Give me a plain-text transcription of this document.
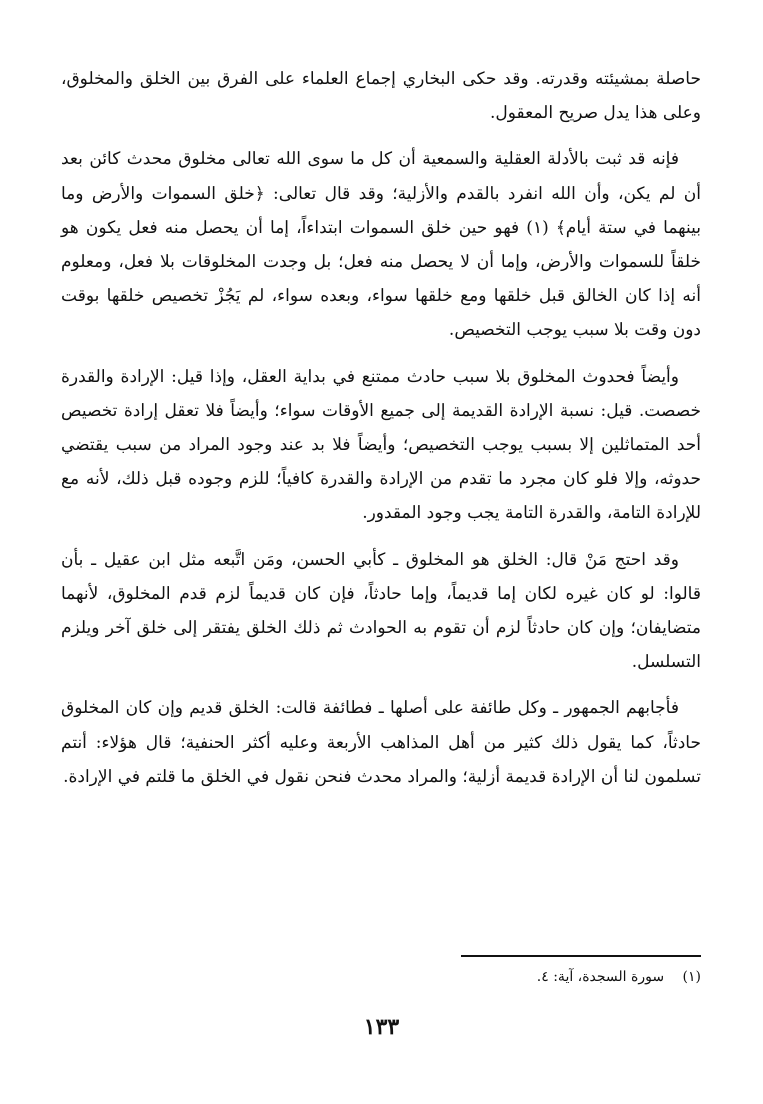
حاصلة بمشيئته وقدرته. وقد حكى البخاري إجماع العلماء على الفرق بين الخلق والمخلوق، وعلى هذا يدل صريح المعقول.

فإنه قد ثبت بالأدلة العقلية والسمعية أن كل ما سوى الله تعالى مخلوق محدث كائن بعد أن لم يكن، وأن الله انفرد بالقدم والأزلية؛ وقد قال تعالى: ﴿خلق السموات والأرض وما بينهما في ستة أيام﴾ (١) فهو حين خلق السموات ابتداءاً، إما أن يحصل منه فعل يكون هو خلقاً للسموات والأرض، وإما أن لا يحصل منه فعل؛ بل وجدت المخلوقات بلا فعل، ومعلوم أنه إذا كان الخالق قبل خلقها ومع خلقها سواء، وبعده سواء، لم يَجُزْ تخصيص خلقها بوقت دون وقت بلا سبب يوجب التخصيص.

وأيضاً فحدوث المخلوق بلا سبب حادث ممتنع في بداية العقل، وإذا قيل: الإرادة والقدرة خصصت. قيل: نسبة الإرادة القديمة إلى جميع الأوقات سواء؛ وأيضاً فلا تعقل إرادة تخصيص أحد المتماثلين إلا بسبب يوجب التخصيص؛ وأيضاً فلا بد عند وجود المراد من سبب يقتضي حدوثه، وإلا فلو كان مجرد ما تقدم من الإرادة والقدرة كافياً؛ للزم وجوده قبل ذلك، لأنه مع للإرادة التامة، والقدرة التامة يجب وجود المقدور.

وقد احتج مَنْ قال: الخلق هو المخلوق ـ كأبي الحسن، ومَن اتَّبعه مثل ابن عقيل ـ بأن قالوا: لو كان غيره لكان إما قديماً، وإما حادثاً، فإن كان قديماً لزم قدم المخلوق، لأنهما متضايفان؛ وإن كان حادثاً لزم أن تقوم به الحوادث ثم ذلك الخلق يفتقر إلى خلق آخر ويلزم التسلسل.

فأجابهم الجمهور ـ وكل طائفة على أصلها ـ فطائفة قالت: الخلق قديم وإن كان المخلوق حادثاً، كما يقول ذلك كثير من أهل المذاهب الأربعة وعليه أكثر الحنفية؛ قال هؤلاء: أنتم تسلمون لنا أن الإرادة قديمة أزلية؛ والمراد محدث فنحن نقول في الخلق ما قلتم في الإرادة.

(١) سورة السجدة، آية: ٤.
١٣٣
